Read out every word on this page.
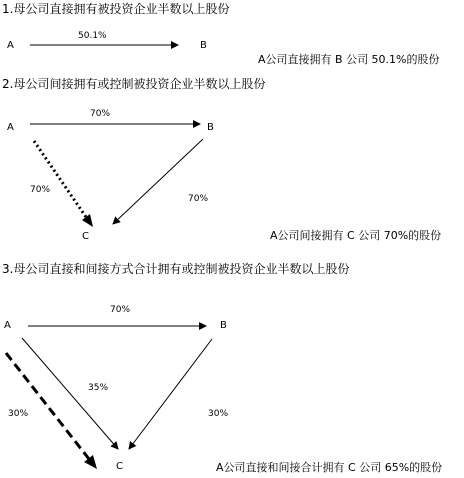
1.母公司直接拥有被投资企业半数以上股份
A	B
50.1%
A公司直接拥有 B 公司 50.1%的股份
2.母公司间接拥有或控制被投资企业半数以上股份
A	B
C
70%
70%
70%
A公司间接拥有 C 公司 70%的股份
3.母公司直接和间接方式合计拥有或控制被投资企业半数以上股份
A	B
C
70%
35%
30%	30%
A公司直接和间接合计拥有 C 公司 65%的股份
